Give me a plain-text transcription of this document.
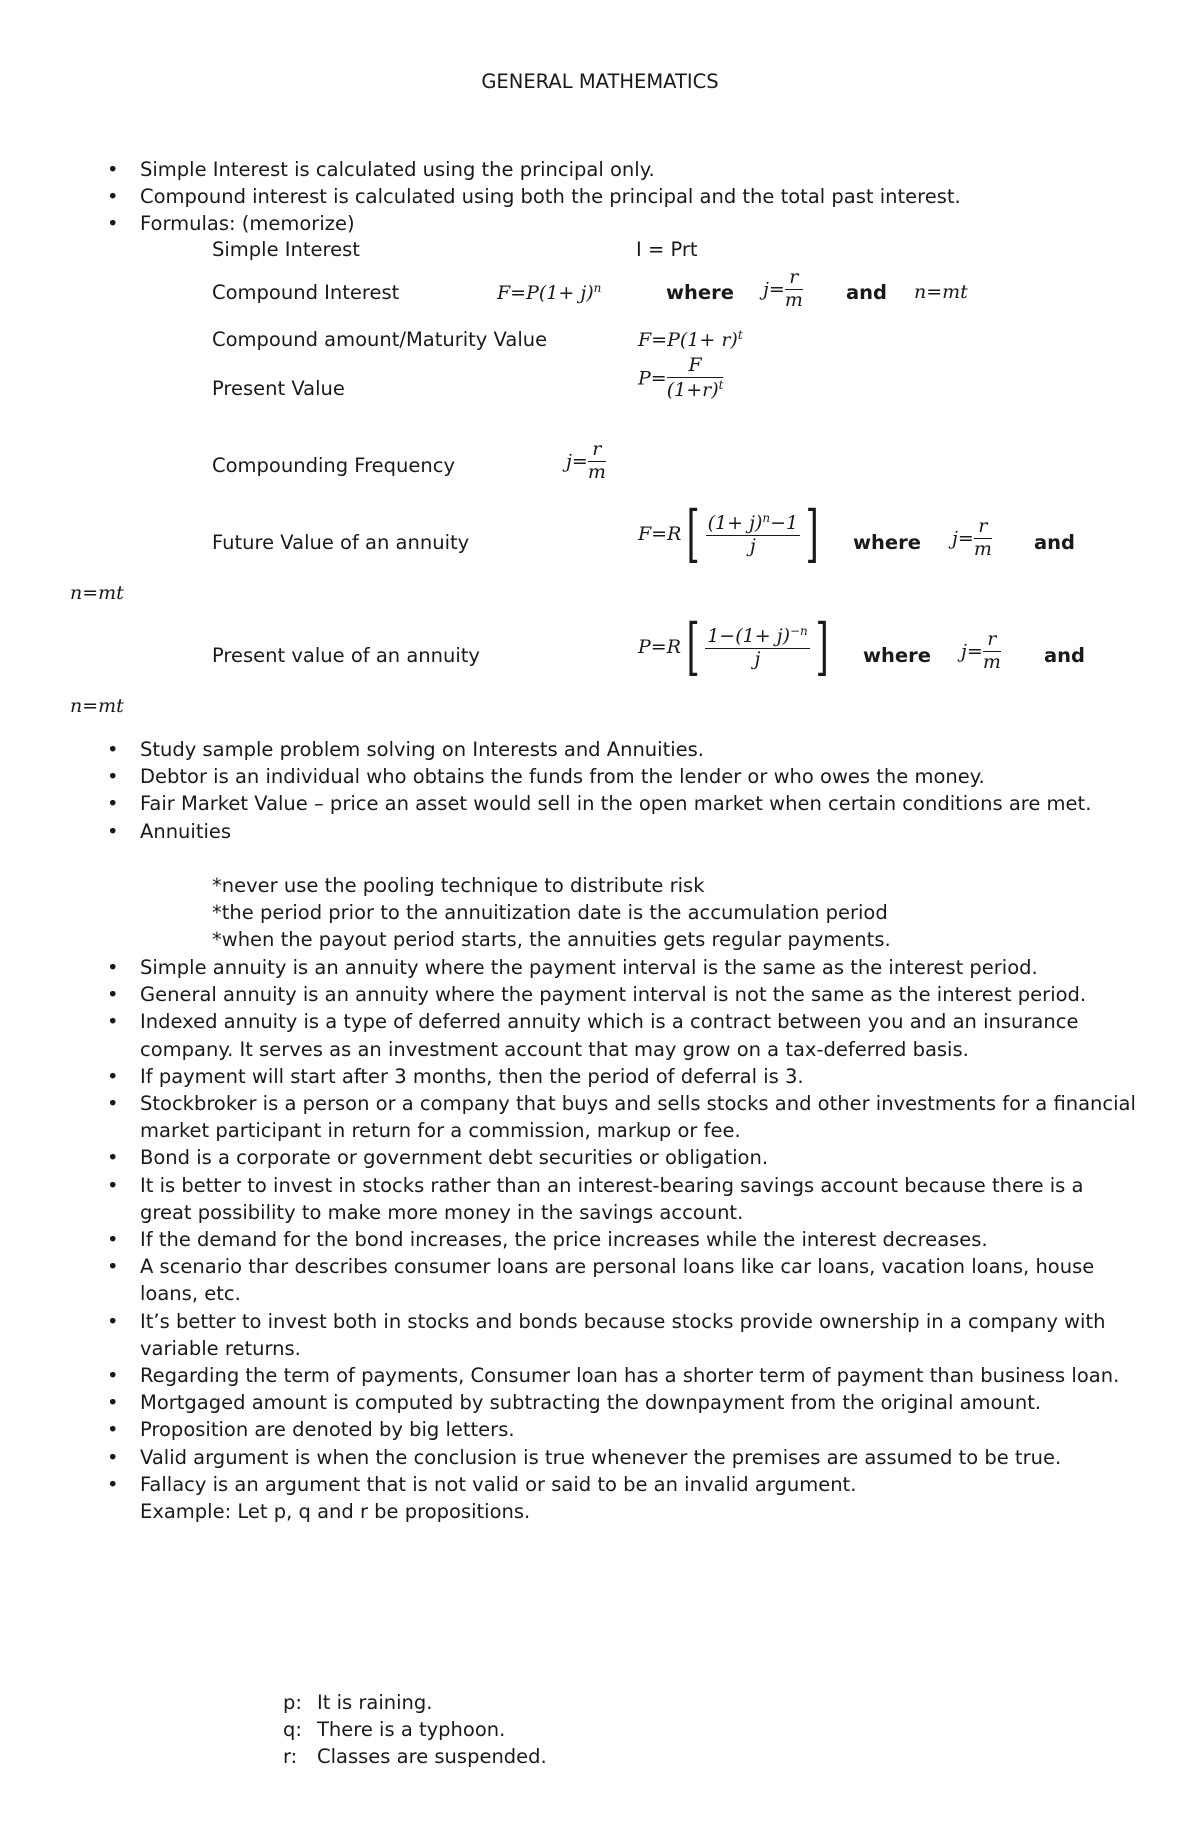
GENERAL MATHEMATICS
• Simple Interest is calculated using the principal only.
• Compound interest is calculated using both the principal and the total past interest.
• Formulas: (memorize)
Simple Interest	I = Prt
Compound Interest	$F=P(1+ j)^n$	where $j= \frac{r}{m}$ and n=mt
Compound amount/Maturity Value	$F=P(1+ r)^t$
Present Value	$P= \frac{F}{(1+r)^t}$
Compounding Frequency	$j= \frac{r}{m}$
Future Value of an annuity	$F=R[ \frac{(1+ j)^n-1}{j}$ ] where $j= \frac{r}{m}$ and
n=mt
Present value of an annuity	$P=R[ \frac{1-(1+ j)^{-n}}{j}$ ] where $j= \frac{r}{m}$ and
n=mt
• Study sample problem solving on Interests and Annuities.
• Debtor is an individual who obtains the funds from the lender or who owes the money.
• Fair Market Value – price an asset would sell in the open market when certain conditions are met.
• Annuities
*never use the pooling technique to distribute risk
*the period prior to the annuitization date is the accumulation period
*when the payout period starts, the annuities gets regular payments.
• Simple annuity is an annuity where the payment interval is the same as the interest period.
• General annuity is an annuity where the payment interval is not the same as the interest period.
• Indexed annuity is a type of deferred annuity which is a contract between you and an insurance company. It serves as an investment account that may grow on a tax-deferred basis.
• If payment will start after 3 months, then the period of deferral is 3.
• Stockbroker is a person or a company that buys and sells stocks and other investments for a financial market participant in return for a commission, markup or fee.
• Bond is a corporate or government debt securities or obligation.
• It is better to invest in stocks rather than an interest-bearing savings account because there is a great possibility to make more money in the savings account.
• If the demand for the bond increases, the price increases while the interest decreases.
• A scenario thar describes consumer loans are personal loans like car loans, vacation loans, house loans, etc.
• It’s better to invest both in stocks and bonds because stocks provide ownership in a company with variable returns.
• Regarding the term of payments, Consumer loan has a shorter term of payment than business loan.
• Mortgaged amount is computed by subtracting the downpayment from the original amount.
• Proposition are denoted by big letters.
• Valid argument is when the conclusion is true whenever the premises are assumed to be true.
• Fallacy is an argument that is not valid or said to be an invalid argument.
Example: Let p, q and r be propositions.
p: It is raining.
q: There is a typhoon.
r: Classes are suspended.
